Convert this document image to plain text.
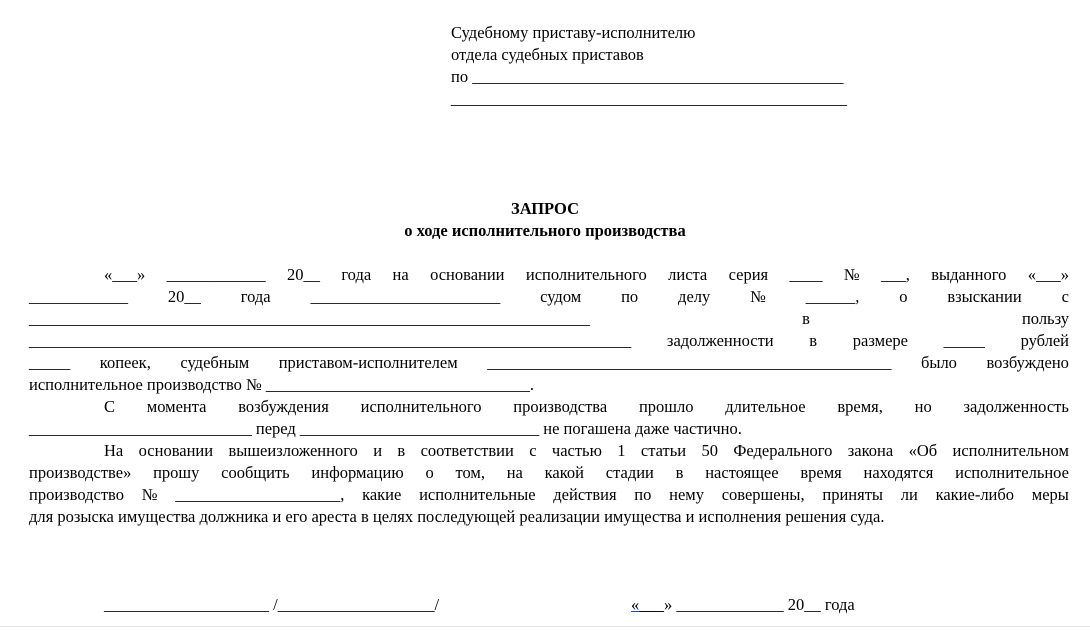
Судебному приставу-исполнителю
отдела судебных приставов
по _____________________________________________
________________________________________________
ЗАПРОС
о ходе исполнительного производства
«___» ____________ 20__ года на основании исполнительного листа серия ____ № ___, выданного «___»
____________ 20__ года _______________________ судом по делу № ______, о взыскании с
____________________________________________________________________	в	пользу
_________________________________________________________________________ задолженности в размере _____ рублей
_____ копеек, судебным приставом-исполнителем _________________________________________________ было возбуждено
исполнительное производство № ________________________________.
С момента возбуждения исполнительного производства прошло длительное время, но задолженность
___________________________ перед _____________________________ не погашена даже частично.
На основании вышеизложенного и в соответствии с частью 1 статьи 50 Федерального закона «Об исполнительном
производстве» прошу сообщить информацию о том, на какой стадии в настоящее время находятся исполнительное
производство № ____________________, какие исполнительные действия по нему совершены, приняты ли какие-либо меры
для розыска имущества должника и его ареста в целях последующей реализации имущества и исполнения решения суда.
____________________ /___________________/	«___» _____________ 20__ года
